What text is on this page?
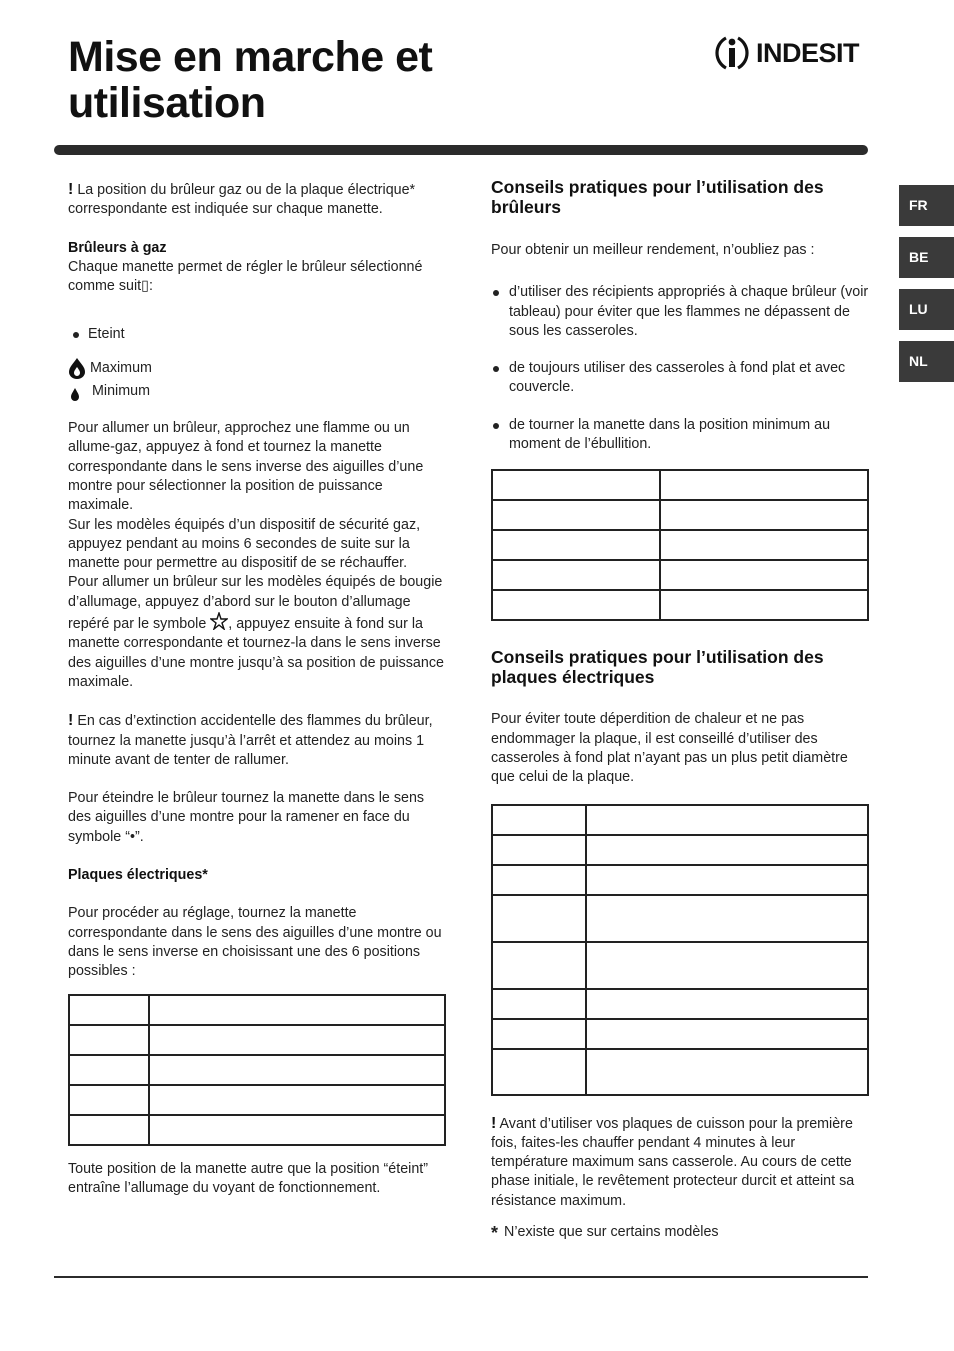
Mise en marche et
utilisation
INDESIT
FR
BE
LU
NL

! La position du brûleur gaz ou de la plaque électrique* correspondante est indiquée sur chaque manette.

Brûleurs à gaz

Chaque manette permet de régler le brûleur sélectionné comme suit▯:

Eteint
Maximum
Minimum

Pour allumer un brûleur, approchez une flamme ou un allume-gaz, appuyez à fond et tournez la manette correspondante dans le sens inverse des aiguilles d’une montre pour sélectionner la position de puissance maximale.

Sur les modèles équipés d’un dispositif de sécurité gaz, appuyez pendant au moins 6 secondes de suite sur la manette pour permettre au dispositif de se réchauffer.

Pour allumer un brûleur sur les modèles équipés de bougie d’allumage, appuyez d’abord sur le bouton d’allumage repéré par le symbole , appuyez ensuite à fond sur la manette correspondante et tournez-la dans le sens inverse des aiguilles d’une montre jusqu’à sa position de puissance maximale.

! En cas d’extinction accidentelle des flammes du brûleur, tournez la manette jusqu’à l’arrêt et attendez au moins 1 minute avant de tenter de rallumer.

Pour éteindre le brûleur tournez la manette dans le sens des aiguilles d’une montre pour la ramener en face du symbole “•”.

Plaques électriques*

Pour procéder au réglage, tournez la manette correspondante dans le sens des aiguilles d’une montre ou dans le sens inverse en choisissant une des 6 positions possibles :

Toute position de la manette autre que la position “éteint” entraîne l’allumage du voyant de fonctionnement.

Conseils pratiques pour l’utilisation des brûleurs

Pour obtenir un meilleur rendement, n’oubliez pas :

d’utiliser des récipients appropriés à chaque brûleur (voir tableau) pour éviter que les flammes ne dépassent de sous les casseroles.
de toujours utiliser des casseroles à fond plat et avec couvercle.
de tourner la manette dans la position minimum au moment de l’ébullition.

Conseils pratiques pour l’utilisation des plaques électriques

Pour éviter toute déperdition de chaleur et ne pas endommager la plaque, il est conseillé d’utiliser des casseroles à fond plat n’ayant pas un plus petit diamètre que celui de la plaque.

! Avant d’utiliser vos plaques de cuisson pour la première fois, faites-les chauffer pendant 4 minutes à leur température maximum sans casserole. Au cours de cette phase initiale, le revêtement protecteur durcit et atteint sa résistance maximum.

* N’existe que sur certains modèles
